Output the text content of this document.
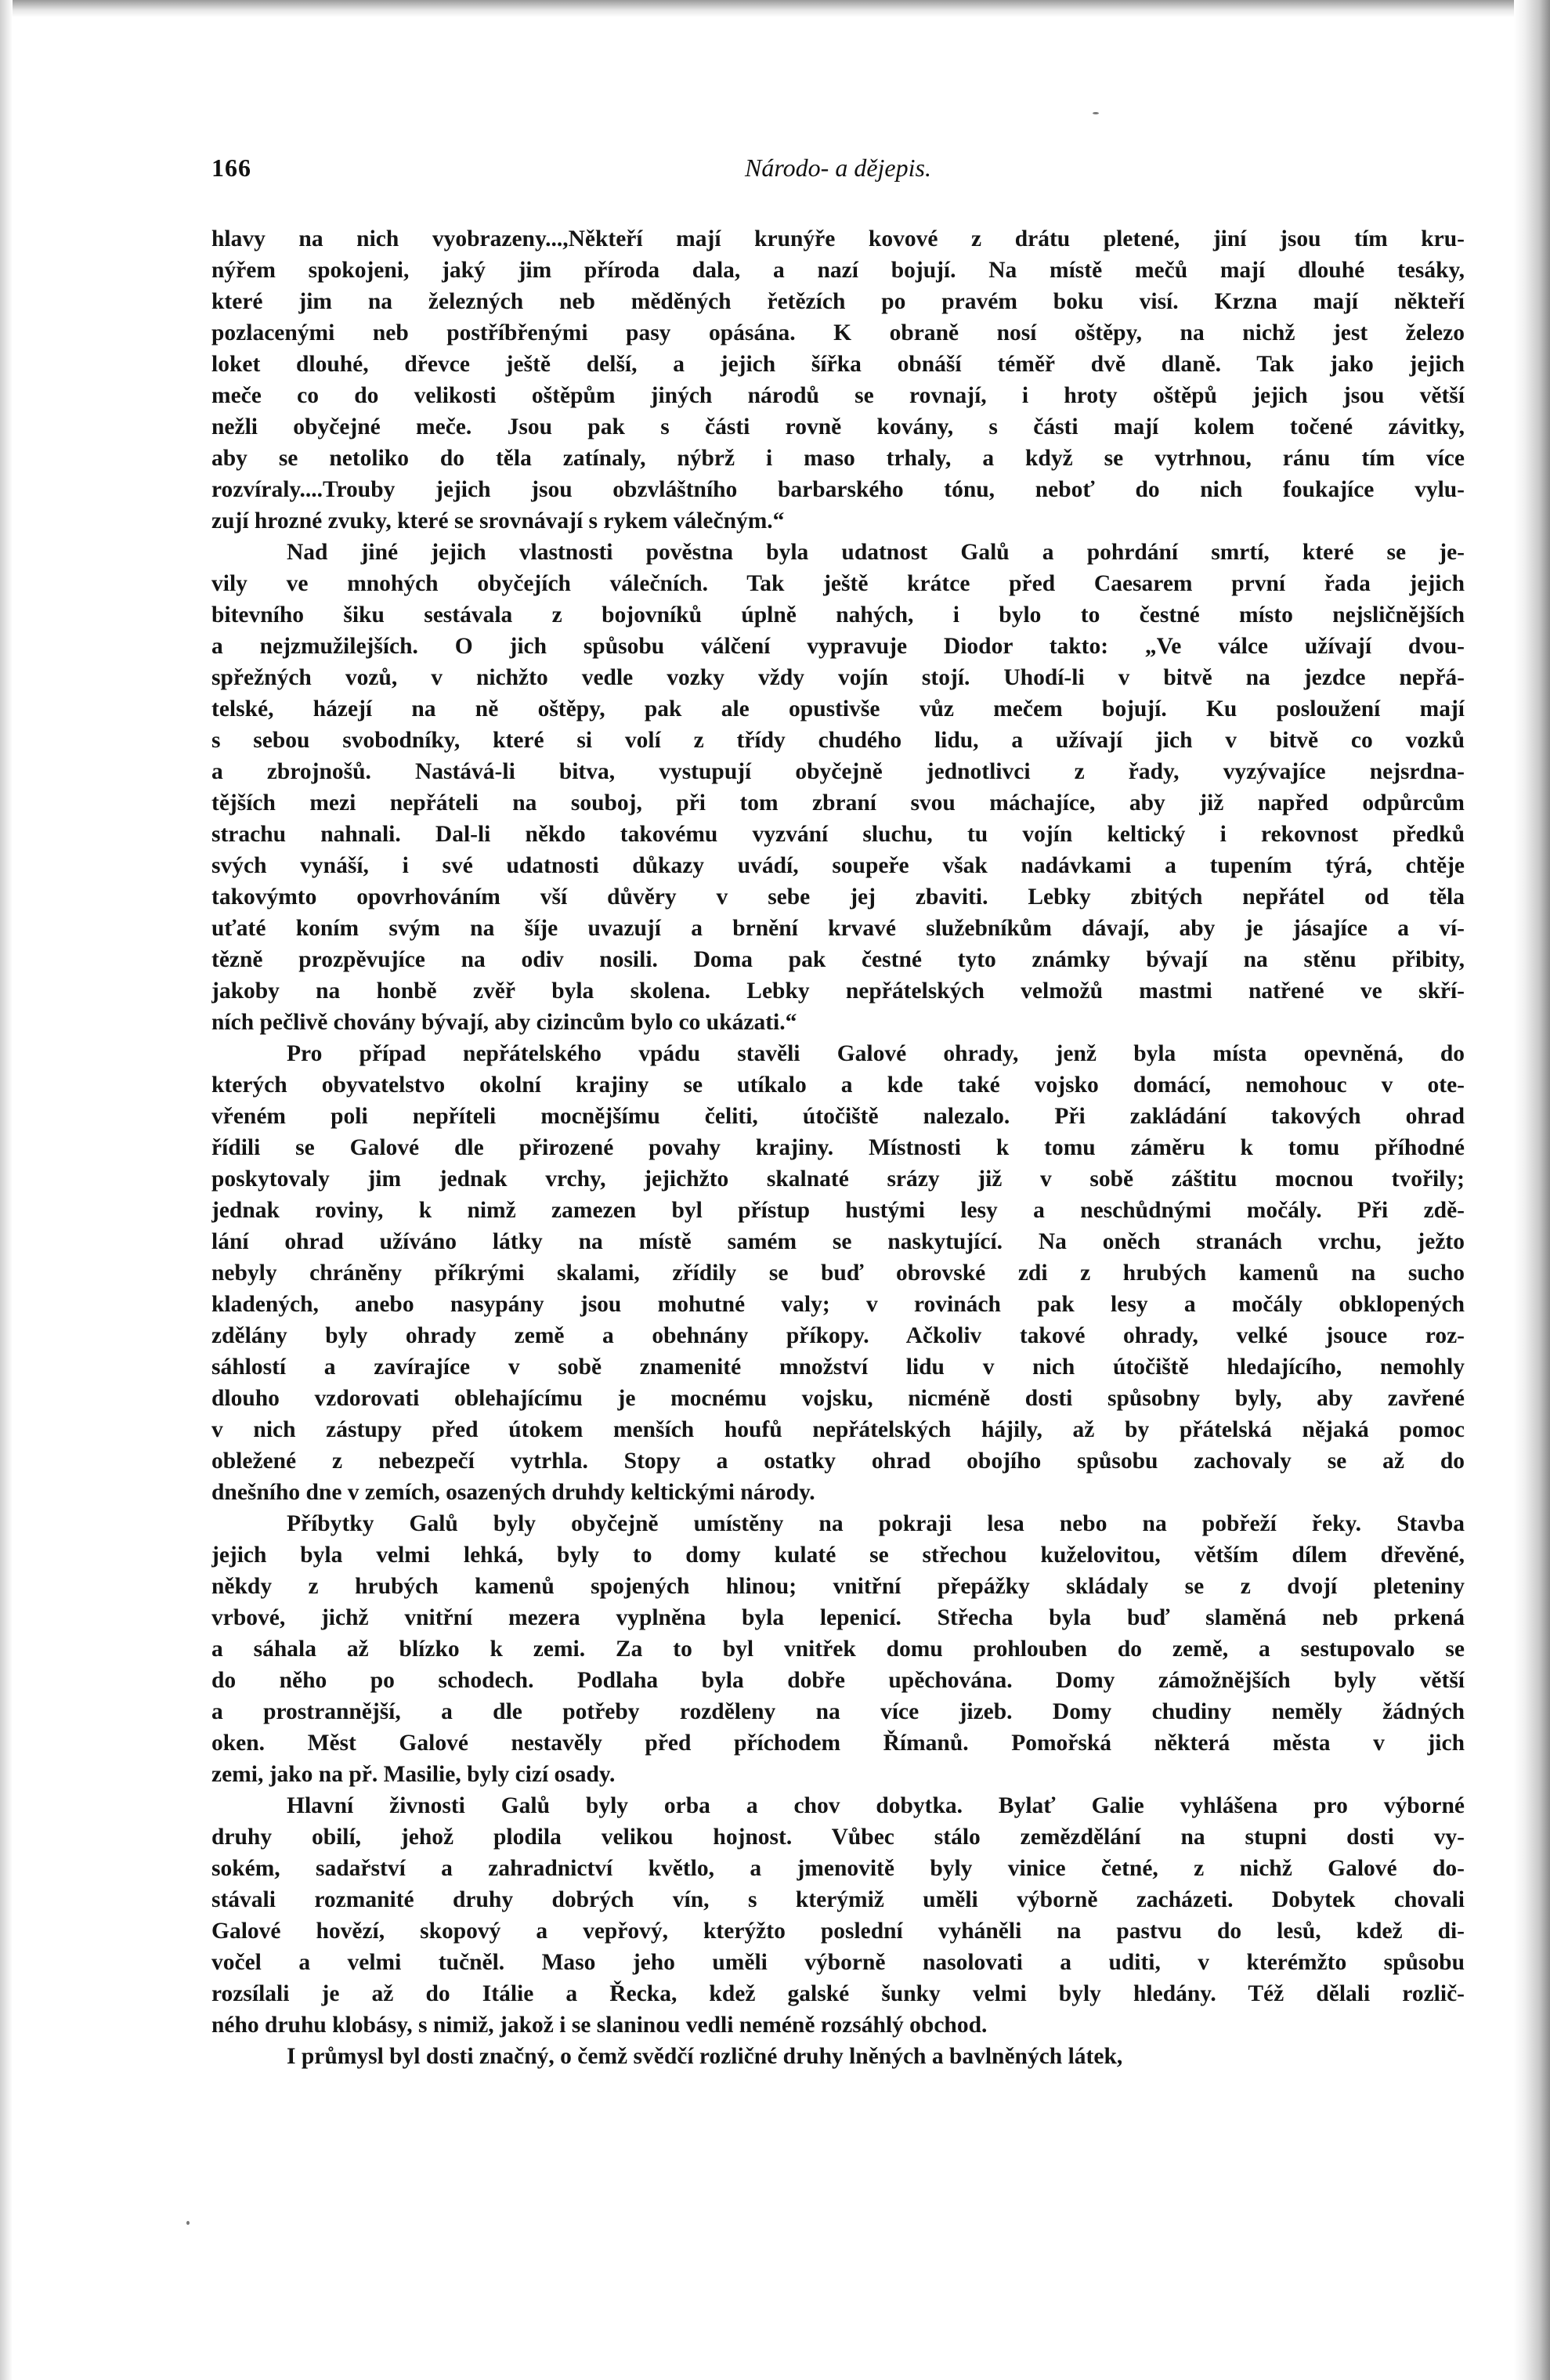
166	Národo- a dějepis.
hlavy na nich vyobrazeny...,Někteří mají krunýře kovové z drátu pletené, jiní jsou tím kru-
nýřem spokojeni, jaký jim příroda dala, a nazí bojují. Na místě mečů mají dlouhé tesáky,
které jim na železných neb měděných řetězích po pravém boku visí. Krzna mají někteří
pozlacenými neb postříbřenými pasy opásána. K obraně nosí oštěpy, na nichž jest železo
loket dlouhé, dřevce ještě delší, a jejich šířka obnáší téměř dvě dlaně. Tak jako jejich
meče co do velikosti oštěpům jiných národů se rovnají, i hroty oštěpů jejich jsou větší
nežli obyčejné meče. Jsou pak s části rovně kovány, s části mají kolem točené závitky,
aby se netoliko do těla zatínaly, nýbrž i maso trhaly, a když se vytrhnou, ránu tím více
rozvíraly....Trouby jejich jsou obzvláštního barbarského tónu, neboť do nich foukajíce vylu-
zují hrozné zvuky, které se srovnávají s rykem válečným.“
Nad jiné jejich vlastnosti pověstna byla udatnost Galů a pohrdání smrtí, které se je-
vily ve mnohých obyčejích válečních. Tak ještě krátce před Caesarem první řada jejich
bitevního šiku sestávala z bojovníků úplně nahých, i bylo to čestné místo nejsličnějších
a nejzmužilejších. O jich spůsobu válčení vypravuje Diodor takto: „Ve válce užívají dvou-
spřežných vozů, v nichžto vedle vozky vždy vojín stojí. Uhodí-li v bitvě na jezdce nepřá-
telské, házejí na ně oštěpy, pak ale opustivše vůz mečem bojují. Ku posloužení mají
s sebou svobodníky, které si volí z třídy chudého lidu, a užívají jich v bitvě co vozků
a zbrojnošů. Nastává-li bitva, vystupují obyčejně jednotlivci z řady, vyzývajíce nejsrdna-
tějších mezi nepřáteli na souboj, při tom zbraní svou máchajíce, aby již napřed odpůrcům
strachu nahnali. Dal-li někdo takovému vyzvání sluchu, tu vojín keltický i rekovnost předků
svých vynáší, i své udatnosti důkazy uvádí, soupeře však nadávkami a tupením týrá, chtěje
takovýmto opovrhováním vší důvěry v sebe jej zbaviti. Lebky zbitých nepřátel od těla
uťaté koním svým na šíje uvazují a brnění krvavé služebníkům dávají, aby je jásajíce a ví-
tězně prozpěvujíce na odiv nosili. Doma pak čestné tyto známky bývají na stěnu přibity,
jakoby na honbě zvěř byla skolena. Lebky nepřátelských velmožů mastmi natřené ve skří-
ních pečlivě chovány bývají, aby cizincům bylo co ukázati.“
Pro případ nepřátelského vpádu stavěli Galové ohrady, jenž byla místa opevněná, do
kterých obyvatelstvo okolní krajiny se utíkalo a kde také vojsko domácí, nemohouc v ote-
vřeném poli nepříteli mocnějšímu čeliti, útočiště nalezalo. Při zakládání takových ohrad
řídili se Galové dle přirozené povahy krajiny. Místnosti k tomu záměru k tomu příhodné
poskytovaly jim jednak vrchy, jejichžto skalnaté srázy již v sobě záštitu mocnou tvořily;
jednak roviny, k nimž zamezen byl přístup hustými lesy a neschůdnými močály. Při zdě-
lání ohrad užíváno látky na místě samém se naskytující. Na oněch stranách vrchu, ježto
nebyly chráněny příkrými skalami, zřídily se buď obrovské zdi z hrubých kamenů na sucho
kladených, anebo nasypány jsou mohutné valy; v rovinách pak lesy a močály obklopených
zdělány byly ohrady země a obehnány příkopy. Ačkoliv takové ohrady, velké jsouce roz-
sáhlostí a zavírajíce v sobě znamenité množství lidu v nich útočiště hledajícího, nemohly
dlouho vzdorovati oblehajícímu je mocnému vojsku, nicméně dosti spůsobny byly, aby zavřené
v nich zástupy před útokem menších houfů nepřátelských hájily, až by přátelská nějaká pomoc
obležené z nebezpečí vytrhla. Stopy a ostatky ohrad obojího spůsobu zachovaly se až do
dnešního dne v zemích, osazených druhdy keltickými národy.
Příbytky Galů byly obyčejně umístěny na pokraji lesa nebo na pobřeží řeky. Stavba
jejich byla velmi lehká, byly to domy kulaté se střechou kuželovitou, větším dílem dřevěné,
někdy z hrubých kamenů spojených hlinou; vnitřní přepážky skládaly se z dvojí pleteniny
vrbové, jichž vnitřní mezera vyplněna byla lepenicí. Střecha byla buď slaměná neb prkená
a sáhala až blízko k zemi. Za to byl vnitřek domu prohlouben do země, a sestupovalo se
do něho po schodech. Podlaha byla dobře upěchována. Domy zámožnějších byly větší
a prostrannější, a dle potřeby rozděleny na více jizeb. Domy chudiny neměly žádných
oken. Měst Galové nestavěly před příchodem Římanů. Pomořská některá města v jich
zemi, jako na př. Masilie, byly cizí osady.
Hlavní živnosti Galů byly orba a chov dobytka. Bylať Galie vyhlášena pro výborné
druhy obilí, jehož plodila velikou hojnost. Vůbec stálo zemězdělání na stupni dosti vy-
sokém, sadařství a zahradnictví květlo, a jmenovitě byly vinice četné, z nichž Galové do-
stávali rozmanité druhy dobrých vín, s kterýmiž uměli výborně zacházeti. Dobytek chovali
Galové hovězí, skopový a vepřový, kterýžto poslední vyháněli na pastvu do lesů, kdež di-
vočel a velmi tučněl. Maso jeho uměli výborně nasolovati a uditi, v kterémžto spůsobu
rozsílali je až do Itálie a Řecka, kdež galské šunky velmi byly hledány. Též dělali rozlič-
ného druhu klobásy, s nimiž, jakož i se slaninou vedli neméně rozsáhlý obchod.
I průmysl byl dosti značný, o čemž svědčí rozličné druhy lněných a bavlněných látek,
